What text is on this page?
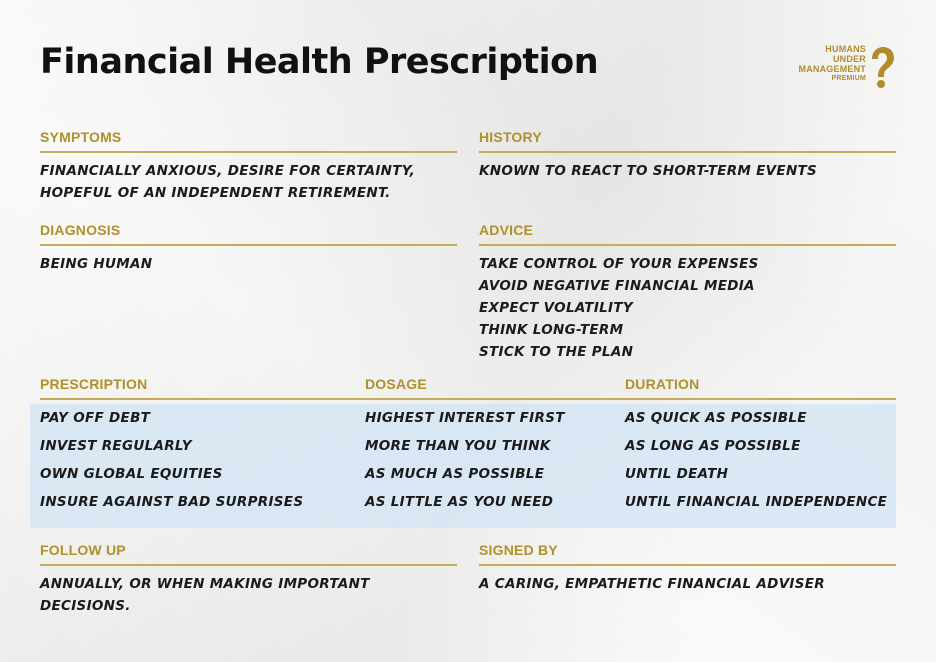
Financial Health Prescription	HUMANS
UNDER
MANAGEMENT
PREMIUM
SYMPTOMS
FINANCIALLY ANXIOUS, DESIRE FOR CERTAINTY, HOPEFUL OF AN INDEPENDENT RETIREMENT.
HISTORY
KNOWN TO REACT TO SHORT-TERM EVENTS
DIAGNOSIS
BEING HUMAN
ADVICE
TAKE CONTROL OF YOUR EXPENSES
AVOID NEGATIVE FINANCIAL MEDIA
EXPECT VOLATILITY
THINK LONG-TERM
STICK TO THE PLAN
PRESCRIPTION	DOSAGE	DURATION
PAY OFF DEBT	HIGHEST INTEREST FIRST	AS QUICK AS POSSIBLE
INVEST REGULARLY	MORE THAN YOU THINK	AS LONG AS POSSIBLE
OWN GLOBAL EQUITIES	AS MUCH AS POSSIBLE	UNTIL DEATH
INSURE AGAINST BAD SURPRISES	AS LITTLE AS YOU NEED	UNTIL FINANCIAL INDEPENDENCE
FOLLOW UP
ANNUALLY, OR WHEN MAKING IMPORTANT DECISIONS.
SIGNED BY
A CARING, EMPATHETIC FINANCIAL ADVISER
